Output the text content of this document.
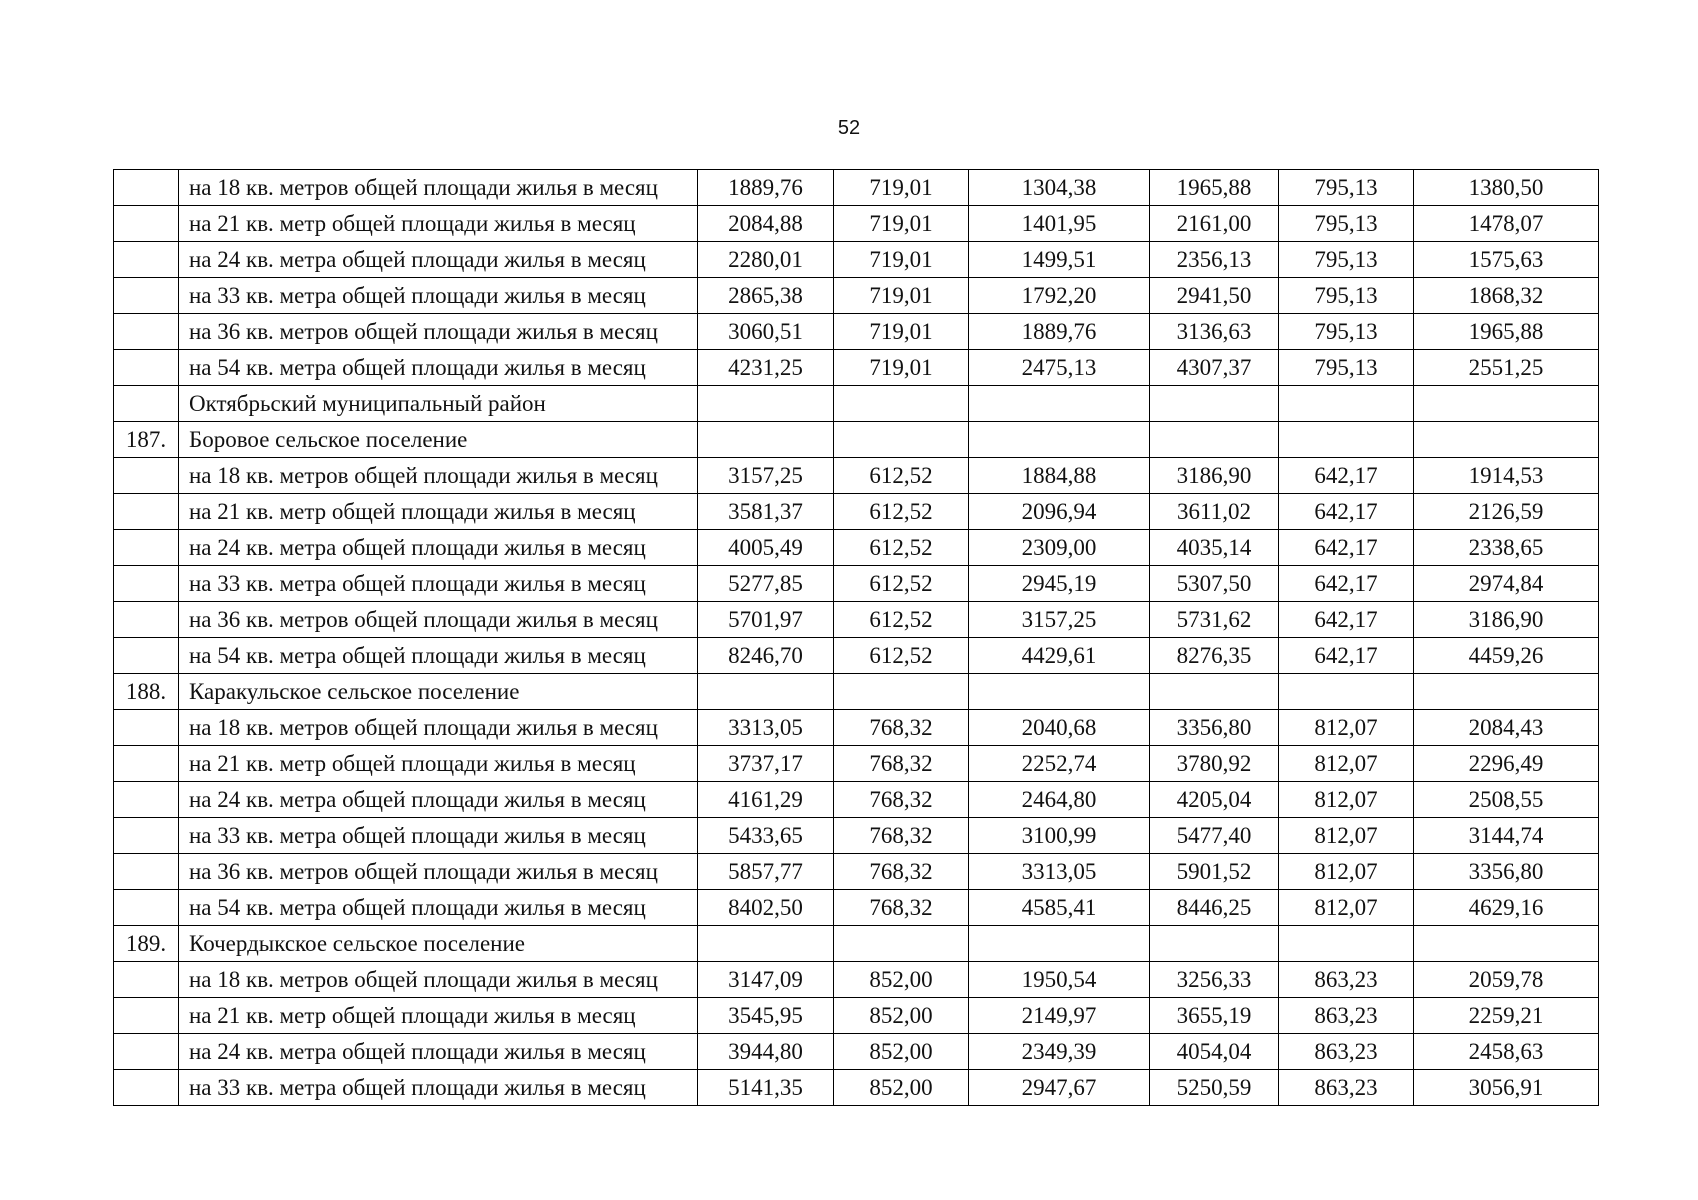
52
	на 18 кв. метров общей площади жилья в месяц	1889,76	719,01	1304,38	1965,88	795,13	1380,50
	на 21 кв. метр общей площади жилья в месяц	2084,88	719,01	1401,95	2161,00	795,13	1478,07
	на 24 кв. метра общей площади жилья в месяц	2280,01	719,01	1499,51	2356,13	795,13	1575,63
	на 33 кв. метра общей площади жилья в месяц	2865,38	719,01	1792,20	2941,50	795,13	1868,32
	на 36 кв. метров общей площади жилья в месяц	3060,51	719,01	1889,76	3136,63	795,13	1965,88
	на 54 кв. метра общей площади жилья в месяц	4231,25	719,01	2475,13	4307,37	795,13	2551,25
	Октябрьский муниципальный район						
187.	Боровое сельское поселение						
	на 18 кв. метров общей площади жилья в месяц	3157,25	612,52	1884,88	3186,90	642,17	1914,53
	на 21 кв. метр общей площади жилья в месяц	3581,37	612,52	2096,94	3611,02	642,17	2126,59
	на 24 кв. метра общей площади жилья в месяц	4005,49	612,52	2309,00	4035,14	642,17	2338,65
	на 33 кв. метра общей площади жилья в месяц	5277,85	612,52	2945,19	5307,50	642,17	2974,84
	на 36 кв. метров общей площади жилья в месяц	5701,97	612,52	3157,25	5731,62	642,17	3186,90
	на 54 кв. метра общей площади жилья в месяц	8246,70	612,52	4429,61	8276,35	642,17	4459,26
188.	Каракульское сельское поселение						
	на 18 кв. метров общей площади жилья в месяц	3313,05	768,32	2040,68	3356,80	812,07	2084,43
	на 21 кв. метр общей площади жилья в месяц	3737,17	768,32	2252,74	3780,92	812,07	2296,49
	на 24 кв. метра общей площади жилья в месяц	4161,29	768,32	2464,80	4205,04	812,07	2508,55
	на 33 кв. метра общей площади жилья в месяц	5433,65	768,32	3100,99	5477,40	812,07	3144,74
	на 36 кв. метров общей площади жилья в месяц	5857,77	768,32	3313,05	5901,52	812,07	3356,80
	на 54 кв. метра общей площади жилья в месяц	8402,50	768,32	4585,41	8446,25	812,07	4629,16
189.	Кочердыкское сельское поселение						
	на 18 кв. метров общей площади жилья в месяц	3147,09	852,00	1950,54	3256,33	863,23	2059,78
	на 21 кв. метр общей площади жилья в месяц	3545,95	852,00	2149,97	3655,19	863,23	2259,21
	на 24 кв. метра общей площади жилья в месяц	3944,80	852,00	2349,39	4054,04	863,23	2458,63
	на 33 кв. метра общей площади жилья в месяц	5141,35	852,00	2947,67	5250,59	863,23	3056,91
